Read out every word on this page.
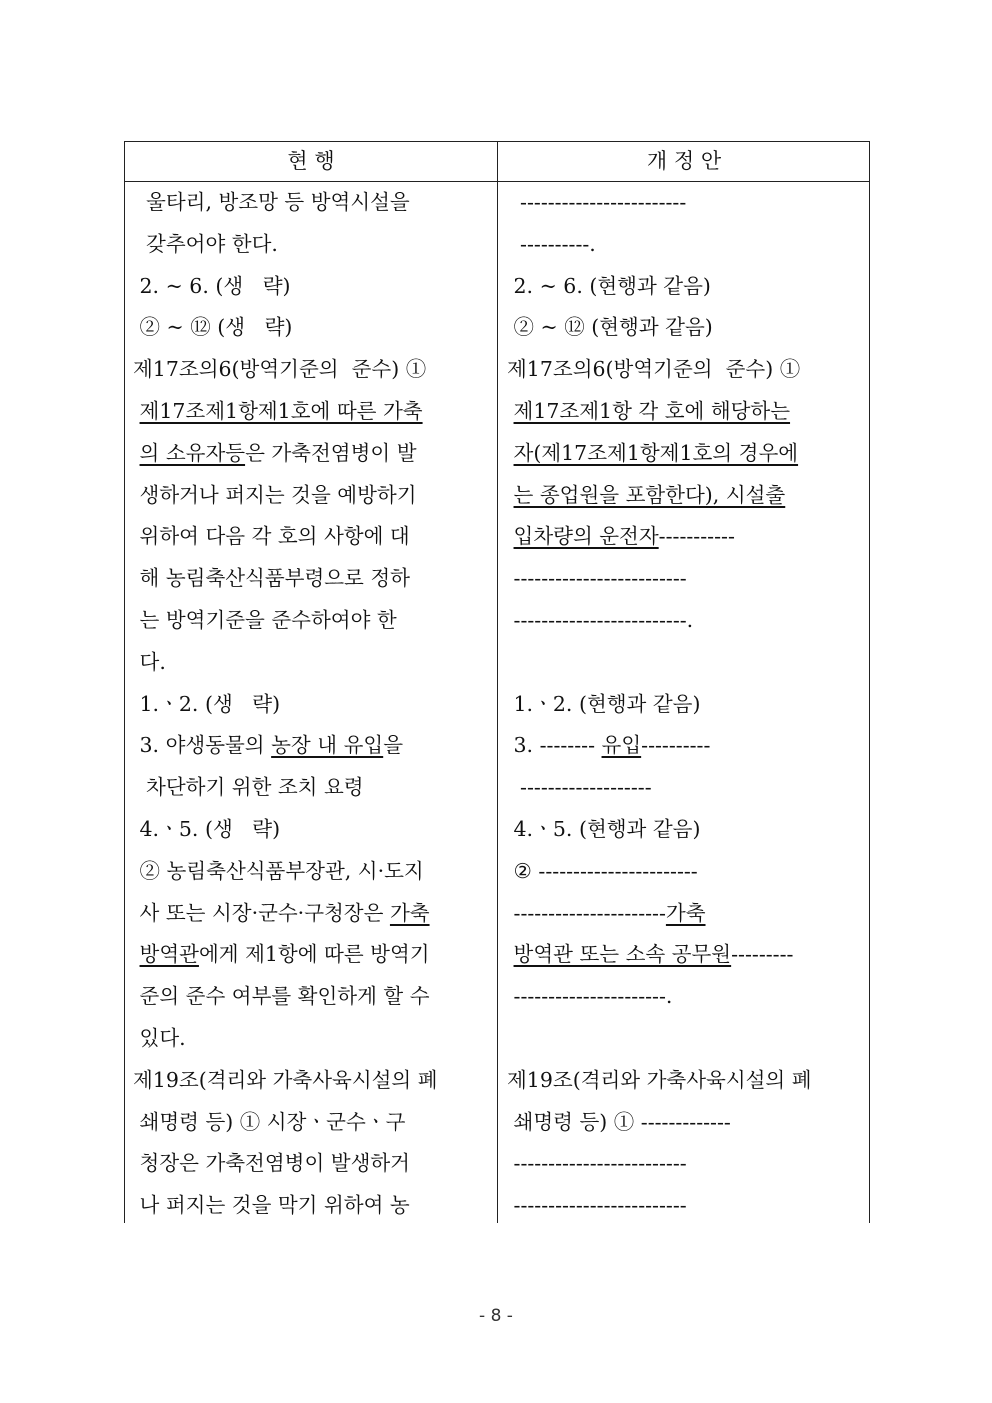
현 행	개 정 안
울타리, 방조망 등 방역시설을
갖추어야 한다.
2. ~ 6. (생   략)
② ~ ⑫ (생   략)
제17조의6(방역기준의  준수) ①
제17조제1항제1호에 따른 가축
의 소유자등은 가축전염병이 발
생하거나 퍼지는 것을 예방하기
위하여 다음 각 호의 사항에 대
해 농림축산식품부령으로 정하
는 방역기준을 준수하여야 한
다.
1.ㆍ2. (생   략)
3. 야생동물의 농장 내 유입을
차단하기 위한 조치 요령
4.ㆍ5. (생   략)
② 농림축산식품부장관, 시·도지
사 또는 시장·군수·구청장은 가축
방역관에게 제1항에 따른 방역기
준의 준수 여부를 확인하게 할 수
있다.
제19조(격리와 가축사육시설의 폐
쇄명령 등) ① 시장ㆍ군수ㆍ구
청장은 가축전염병이 발생하거
나 퍼지는 것을 막기 위하여 농
------------------------
----------.
2. ~ 6. (현행과 같음)
② ~ ⑫ (현행과 같음)
제17조의6(방역기준의  준수) ①
제17조제1항 각 호에 해당하는
자(제17조제1항제1호의 경우에
는 종업원을 포함한다), 시설출
입차량의 운전자-----------
-------------------------
-------------------------.
1.ㆍ2. (현행과 같음)
3. -------- 유입----------
-------------------
4.ㆍ5. (현행과 같음)
② -----------------------
----------------------가축
방역관 또는 소속 공무원---------
----------------------.
제19조(격리와 가축사육시설의 폐
쇄명령 등) ① -------------
-------------------------
-------------------------
- 8 -
